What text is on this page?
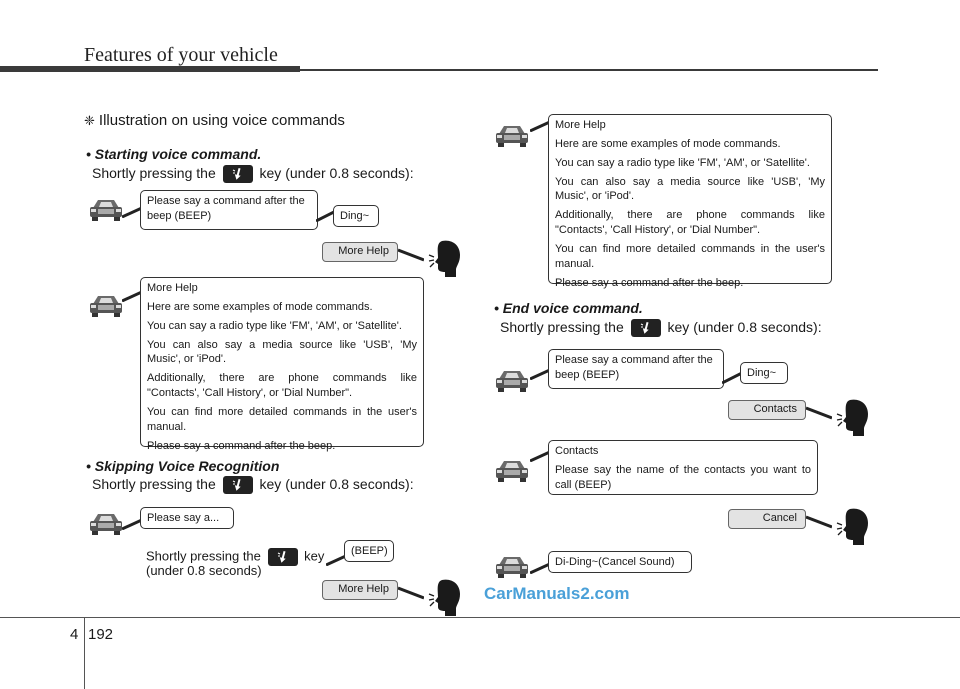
Features of your vehicle
❈ Illustration on using voice commands
• Starting voice command.
Shortly pressing the	key (under 0.8 seconds):
Please say a command after the beep (BEEP)	Ding~
More Help

More Help

Here are some examples of mode commands.

You can say a radio type like 'FM', 'AM', or 'Satellite'.

You can also say a media source like 'USB', 'My Music', or 'iPod'.

Additionally, there are phone commands like "Contacts', 'Call History', or 'Dial Number".

You can find more detailed commands in the user's manual.

Please say a command after the beep.

• Skipping Voice Recognition
Shortly pressing the	key (under 0.8 seconds):
Please say a...
Shortly pressing the	key
(under 0.8 seconds)
(BEEP)
More Help

More Help

Here are some examples of mode commands.

You can say a radio type like 'FM', 'AM', or 'Satellite'.

You can also say a media source like 'USB', 'My Music', or 'iPod'.

Additionally, there are phone commands like "Contacts', 'Call History', or 'Dial Number".

You can find more detailed commands in the user's manual.

Please say a command after the beep.

• End voice command.
Shortly pressing the	key (under 0.8 seconds):
Please say a command after the beep (BEEP)	Ding~
Contacts

Contacts

Please say the name of the contacts you want to call (BEEP)

Cancel
Di-Ding~(Cancel Sound)
CarManuals2.com
4 192
